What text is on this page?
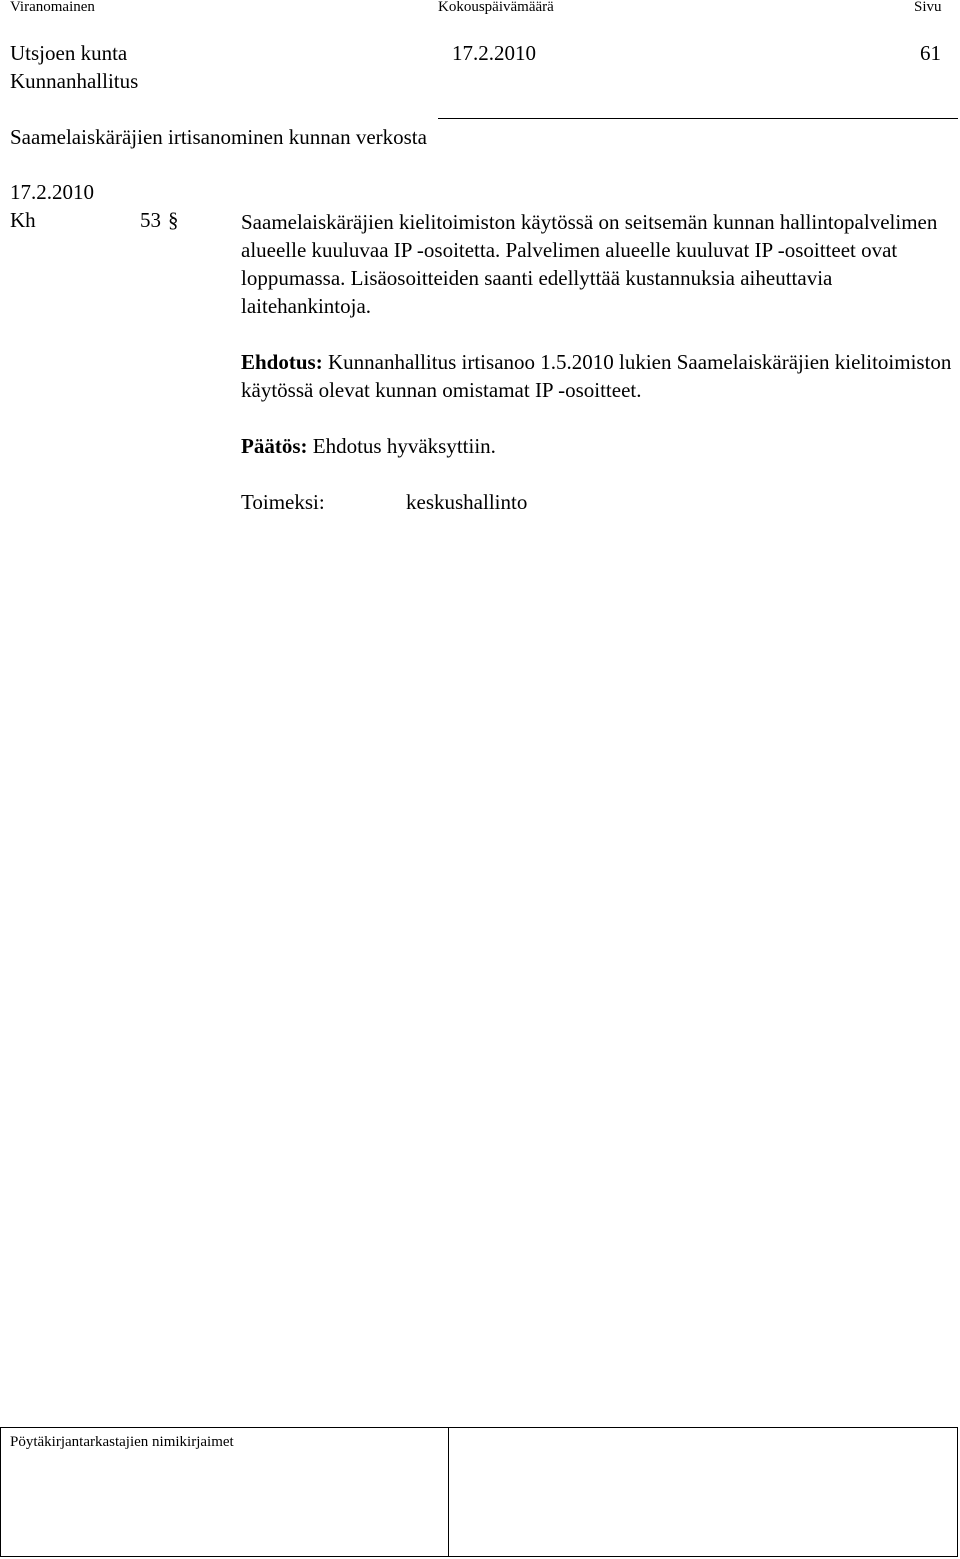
Viranomainen	Kokouspäivämäärä	Sivu
Utsjoen kunta
Kunnanhallitus
17.2.2010	61
Saamelaiskäräjien irtisanominen kunnan verkosta
17.2.2010
Kh	53 §	Saamelaiskäräjien kielitoimiston käytössä on seitsemän kunnan hallintopalvelimen alueelle kuuluvaa IP -osoitetta. Palvelimen alueelle kuuluvat IP -osoitteet ovat loppumassa. Lisäosoitteiden saanti edellyttää kustannuksia aiheuttavia laitehankintoja.

Ehdotus: Kunnanhallitus irtisanoo 1.5.2010 lukien Saamelaiskäräjien kielitoimiston käytössä olevat kunnan omistamat IP -osoitteet.

Päätös: Ehdotus hyväksyttiin.

Toimeksi:	keskushallinto

Pöytäkirjantarkastajien nimikirjaimet
